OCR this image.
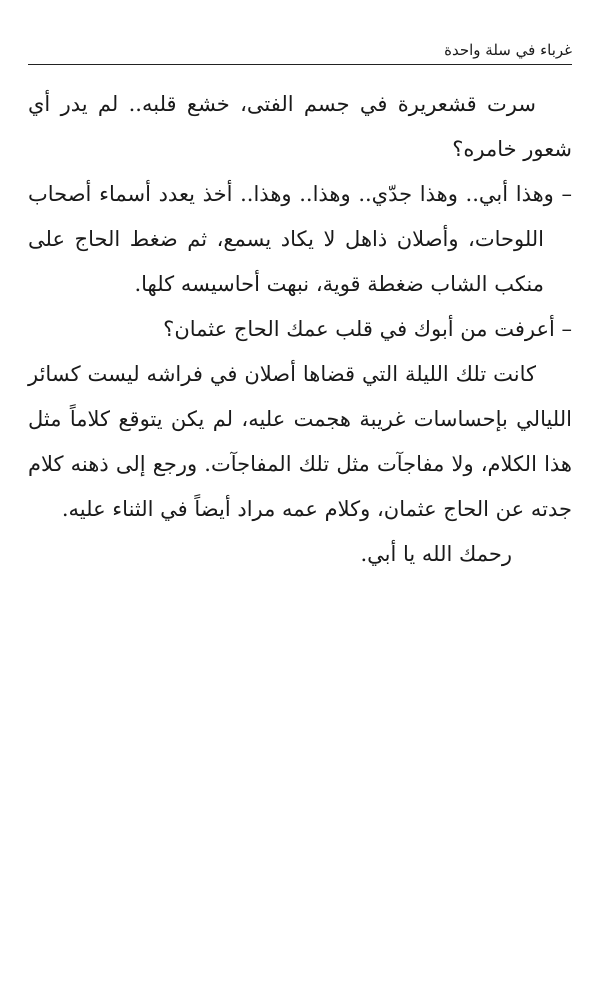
غرباء في سلة واحدة

سرت قشعريرة في جسم الفتى، خشع قلبه.. لم يدر أي شعور خامره؟

– وهذا أبي.. وهذا جدّي.. وهذا.. وهذا.. أخذ يعدد أسماء أصحاب اللوحات، وأصلان ذاهل لا يكاد يسمع، ثم ضغط الحاج على منكب الشاب ضغطة قوية، نبهت أحاسيسه كلها.

– أعرفت من أبوك في قلب عمك الحاج عثمان؟

كانت تلك الليلة التي قضاها أصلان في فراشه ليست كسائر الليالي بإحساسات غريبة هجمت عليه، لم يكن يتوقع كلاماً مثل هذا الكلام، ولا مفاجآت مثل تلك المفاجآت. ورجع إلى ذهنه كلام جدته عن الحاج عثمان، وكلام عمه مراد أيضاً في الثناء عليه.

رحمك الله يا أبي.
